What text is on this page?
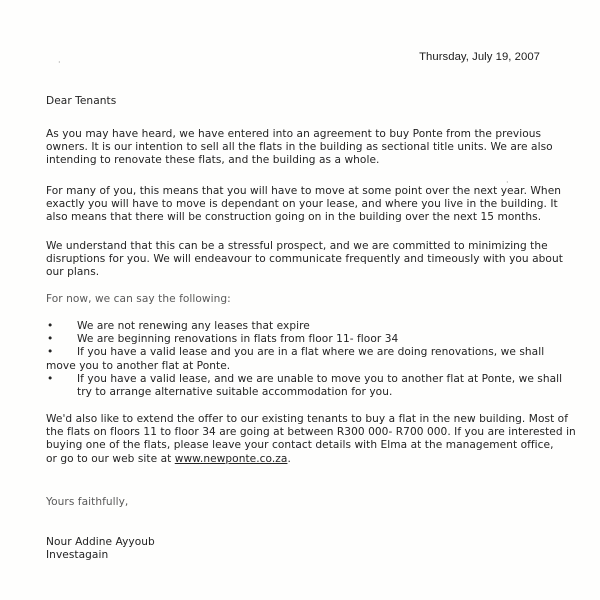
·
·
Thursday, July 19, 2007
Dear Tenants
As you may have heard, we have entered into an agreement to buy Ponte from the previous
owners. It is our intention to sell all the flats in the building as sectional title units. We are also
intending to renovate these flats, and the building as a whole.
For many of you, this means that you will have to move at some point over the next year. When
exactly you will have to move is dependant on your lease, and where you live in the building. It
also means that there will be construction going on in the building over the next 15 months.
We understand that this can be a stressful prospect, and we are committed to minimizing the
disruptions for you. We will endeavour to communicate frequently and timeously with you about
our plans.
For now, we can say the following:
• We are not renewing any leases that expire
• We are beginning renovations in flats from floor 11- floor 34
• If you have a valid lease and you are in a flat where we are doing renovations, we shall
move you to another flat at Ponte.
• If you have a valid lease, and we are unable to move you to another flat at Ponte, we shall
try to arrange alternative suitable accommodation for you.
We'd also like to extend the offer to our existing tenants to buy a flat in the new building. Most of
the flats on floors 11 to floor 34 are going at between R300 000- R700 000. If you are interested in
buying one of the flats, please leave your contact details with Elma at the management office,
or go to our web site at www.newponte.co.za.
Yours faithfully,
Nour Addine Ayyoub
Investagain
